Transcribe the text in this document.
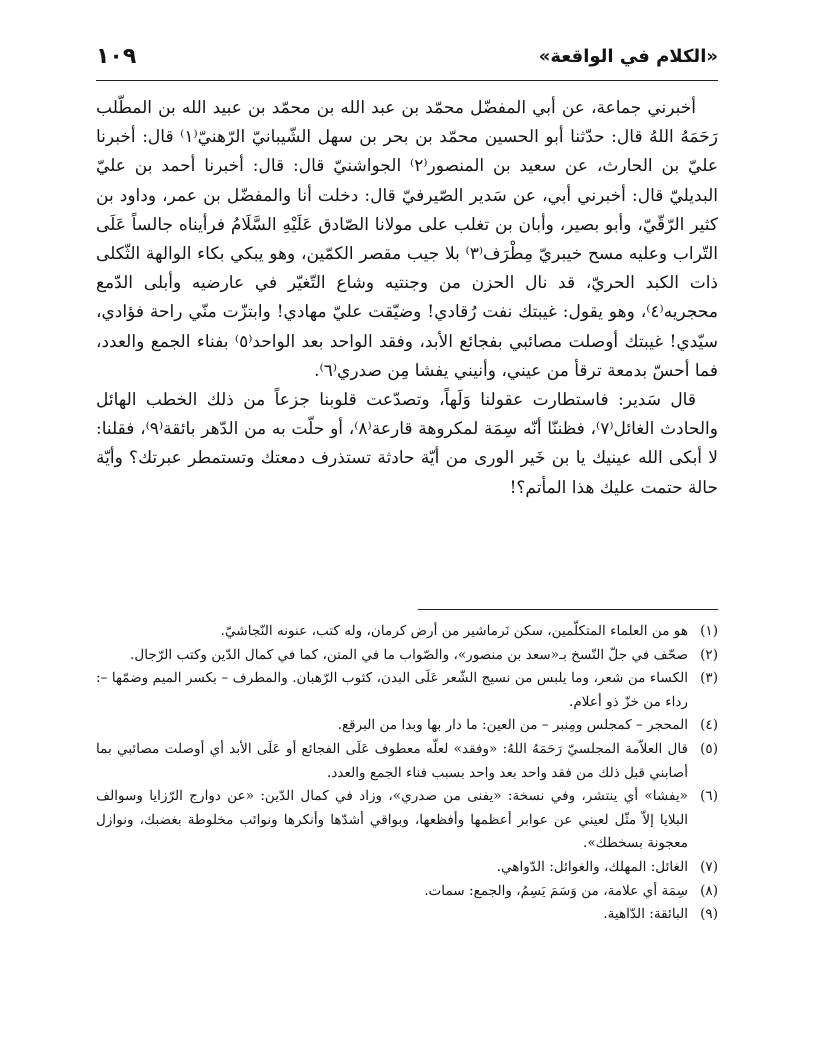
«الكلام في الواقعة»
١٠٩

أخبرني جماعة، عن أبي المفضّل محمّد بن عبد الله بن محمّد بن عبيد الله بن المطّلب رَحَمَهُ اللهُ قال: حدّثنا أبو الحسين محمّد بن بحر بن سهل الشّيبانيّ الرّهنيّ⁽١⁾ قال: أخبرنا عليّ بن الحارث، عن سعيد بن المنصور⁽٢⁾ الجواشنيّ قال: قال: أخبرنا أحمد بن عليّ البديليّ قال: أخبرني أبي، عن سَدير الصّيرفيّ قال: دخلت أنا والمفضّل بن عمر، وداود بن كثير الرّقّيّ، وأبو بصير، وأبان بن تغلب على مولانا الصّادق عَلَيْهِ السَّلَامُ فرأيناه جالساً عَلَى التّراب وعليه مسح خيبريّ مِطْرَف⁽٣⁾ بلا جيب مقصر الكمّين، وهو يبكي بكاء الوالهة الثّكلى ذات الكبد الحريّ، قد نال الحزن من وجنتيه وشاع التّغيّر في عارضيه وأبلى الدّمع محجريه⁽٤⁾، وهو يقول: غيبتك نفت رُقادي! وضيّقت عليّ مهادي! وابتزّت منّي راحة فؤادي، سيّدي! غيبتك أوصلت مصائبي بفجائع الأبد، وفقد الواحد بعد الواحد⁽٥⁾ بفناء الجمع والعدد، فما أحسّ بدمعة ترقأ من عيني، وأنيني يفشا مِن صدري⁽٦⁾.

قال سَدير: فاستطارت عقولنا وَلَهاً، وتصدّعت قلوبنا جزعاً من ذلك الخطب الهائل والحادث الغائل⁽٧⁾، فظننّا أنّه سِمَة لمكروهة قارعة⁽٨⁾، أو حلّت به من الدّهر بائقة⁽٩⁾، فقلنا: لا أبكى الله عينيك يا بن خَير الورى من أيّة حادثة تستذرف دمعتك وتستمطر عبرتك؟ وأيّة حالة حتمت عليك هذا المأتم؟!

(١)
هو من العلماء المتكلّمين، سكن نَرماشير من أرض كرمان، وله كتب، عنونه النّجاشيّ.
(٢)
صحّف في جلّ النّسخ بـ«سعد بن منصور»، والصّواب ما في المتن، كما في كمال الدّين وكتب الرّجال.
(٣)
الكساء من شعر، وما يلبس من نسيج الشّعر عَلَى البدن، كثوب الرّهبان. والمطرف – بكسر الميم وضمّها –: رداء من خزّ ذو أعلام.
(٤)
المحجر – كمجلس ومِنبر – من العين: ما دار بها وبدا من البرقع.
(٥)
قال العلاّمة المجلسيّ رَحَمَهُ اللهُ: «وفقد» لعلّه معطوف عَلَى الفجائع أو عَلَى الأبد أي أوصلت مصائبي بما أصابني قبل ذلك من فقد واحد بعد واحد بسبب فناء الجمع والعدد.
(٦)
«يفشا» أي ينتشر، وفي نسخة: «يفنى من صدري»، وزاد في كمال الدّين: «عن دوارج الرّزايا وسوالف البلايا إلاّ مثّل لعيني عن عوابر أعظمها وأفظعها، وبواقي أشدّها وأنكرها ونوائب مخلوطة بغضبك، ونوازل معجونة بسخطك».
(٧)
الغائل: المهلك، والغوائل: الدّواهي.
(٨)
سِمَة أي علامة، من وَسَمَ يَسِمُ، والجمع: سمات.
(٩)
البائقة: الدّاهية.
